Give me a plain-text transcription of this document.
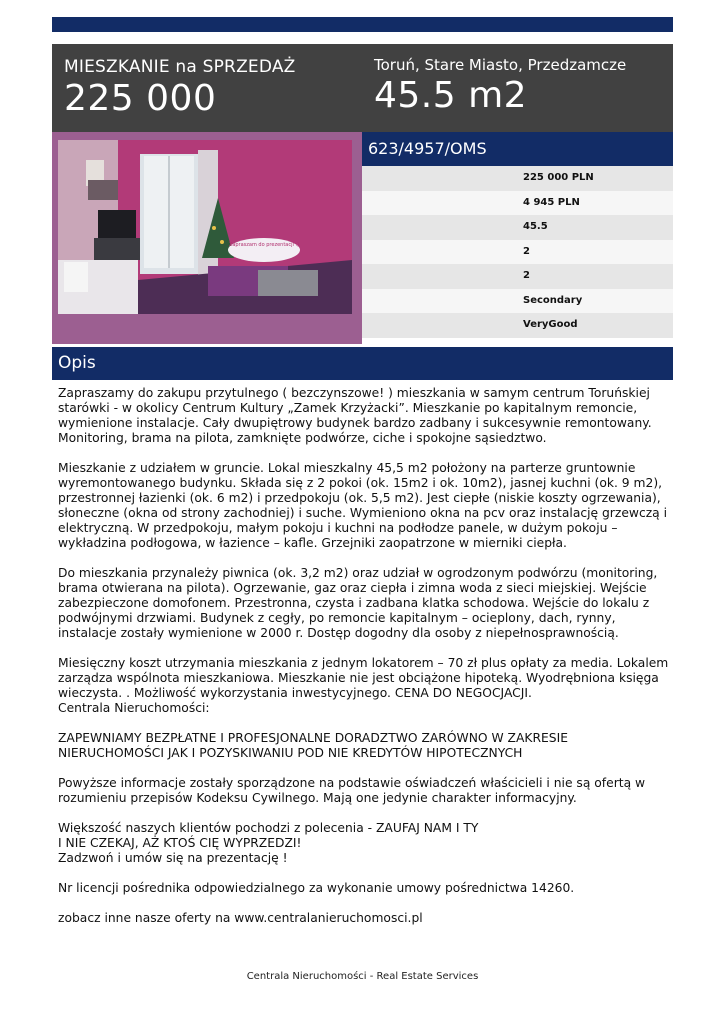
MIESZKANIE na SPRZEDAŻ
225 000
Toruń, Stare Miasto, Przedzamcze
45.5 m2
Zapraszam do prezentacji :)
623/4957/OMS
225 000 PLN
4 945 PLN
45.5
2
2
Secondary
VeryGood
Opis

Zapraszamy do zakupu przytulnego ( bezczynszowe! ) mieszkania w samym centrum Toruńskiej starówki - w okolicy Centrum Kultury „Zamek Krzyżacki”. Mieszkanie po kapitalnym remoncie, wymienione instalacje. Cały dwupiętrowy budynek bardzo zadbany i sukcesywnie remontowany. Monitoring, brama na pilota, zamknięte podwórze, ciche i spokojne sąsiedztwo.

Mieszkanie z udziałem w gruncie. Lokal mieszkalny 45,5 m2 położony na parterze gruntownie wyremontowanego budynku. Składa się z 2 pokoi (ok. 15m2 i ok. 10m2), jasnej kuchni (ok. 9 m2), przestronnej łazienki (ok. 6 m2) i przedpokoju (ok. 5,5 m2). Jest ciepłe (niskie koszty ogrzewania), słoneczne (okna od strony zachodniej) i suche. Wymieniono okna na pcv oraz instalację grzewczą i elektryczną. W przedpokoju, małym pokoju i kuchni na podłodze panele, w dużym pokoju – wykładzina podłogowa, w łazience – kafle. Grzejniki zaopatrzone w mierniki ciepła.

Do mieszkania przynależy piwnica (ok. 3,2 m2) oraz udział w ogrodzonym podwórzu (monitoring, brama otwierana na pilota). Ogrzewanie, gaz oraz ciepła i zimna woda z sieci miejskiej. Wejście zabezpieczone domofonem. Przestronna, czysta i zadbana klatka schodowa. Wejście do lokalu z podwójnymi drzwiami. Budynek z cegły, po remoncie kapitalnym – ocieplony, dach, rynny, instalacje zostały wymienione w 2000 r. Dostęp dogodny dla osoby z niepełnosprawnością.

Miesięczny koszt utrzymania mieszkania z jednym lokatorem – 70 zł plus opłaty za media. Lokalem zarządza wspólnota mieszkaniowa. Mieszkanie nie jest obciążone hipoteką. Wyodrębniona księga wieczysta. . Możliwość wykorzystania inwestycyjnego. CENA DO NEGOCJACJI.
Centrala Nieruchomości:

ZAPEWNIAMY BEZPŁATNE I PROFESJONALNE DORADZTWO ZARÓWNO W ZAKRESIE NIERUCHOMOŚCI JAK I POZYSKIWANIU POD NIE KREDYTÓW HIPOTECZNYCH

Powyższe informacje zostały sporządzone na podstawie oświadczeń właścicieli i nie są ofertą w rozumieniu przepisów Kodeksu Cywilnego. Mają one jedynie charakter informacyjny.

Większość naszych klientów pochodzi z polecenia - ZAUFAJ NAM I TY
I NIE CZEKAJ, AŻ KTOŚ CIĘ WYPRZEDZI!
Zadzwoń i umów się na prezentację !

Nr licencji pośrednika odpowiedzialnego za wykonanie umowy pośrednictwa 14260.

zobacz inne nasze oferty na www.centralanieruchomosci.pl

Centrala Nieruchomości - Real Estate Services
